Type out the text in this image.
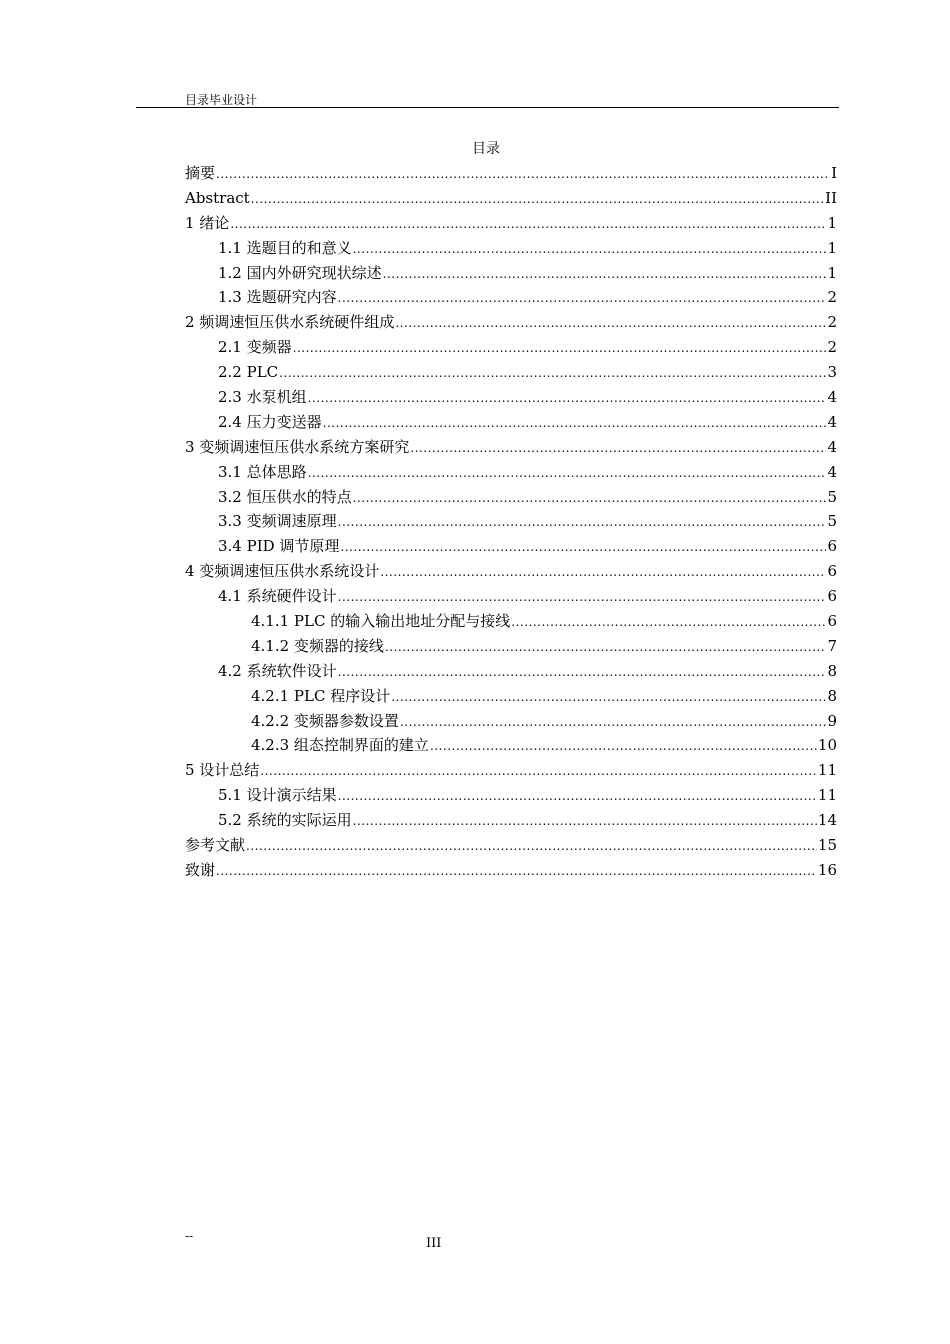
目录毕业设计
目录
摘要 .....	I
Abstract .....	II
1 绪论 .....	1
1.1 选题目的和意义 .....	1
1.2 国内外研究现状综述 .....	1
1.3 选题研究内容 .....	2
2 频调速恒压供水系统硬件组成 .....	2
2.1 变频器 .....	2
2.2 PLC .....	3
2.3 水泵机组 .....	4
2.4 压力变送器 .....	4
3 变频调速恒压供水系统方案研究 .....	4
3.1 总体思路 .....	4
3.2 恒压供水的特点 .....	5
3.3 变频调速原理 .....	5
3.4 PID 调节原理 .....	6
4 变频调速恒压供水系统设计 .....	6
4.1 系统硬件设计 .....	6
4.1.1 PLC 的输入输出地址分配与接线 .....	6
4.1.2 变频器的接线 .....	7
4.2 系统软件设计 .....	8
4.2.1 PLC 程序设计 .....	8
4.2.2 变频器参数设置 .....	9
4.2.3 组态控制界面的建立 .....	10
5 设计总结 .....	11
5.1 设计演示结果 .....	11
5.2 系统的实际运用 .....	14
参考文献 .....	15
致谢 .....	16
--	III
